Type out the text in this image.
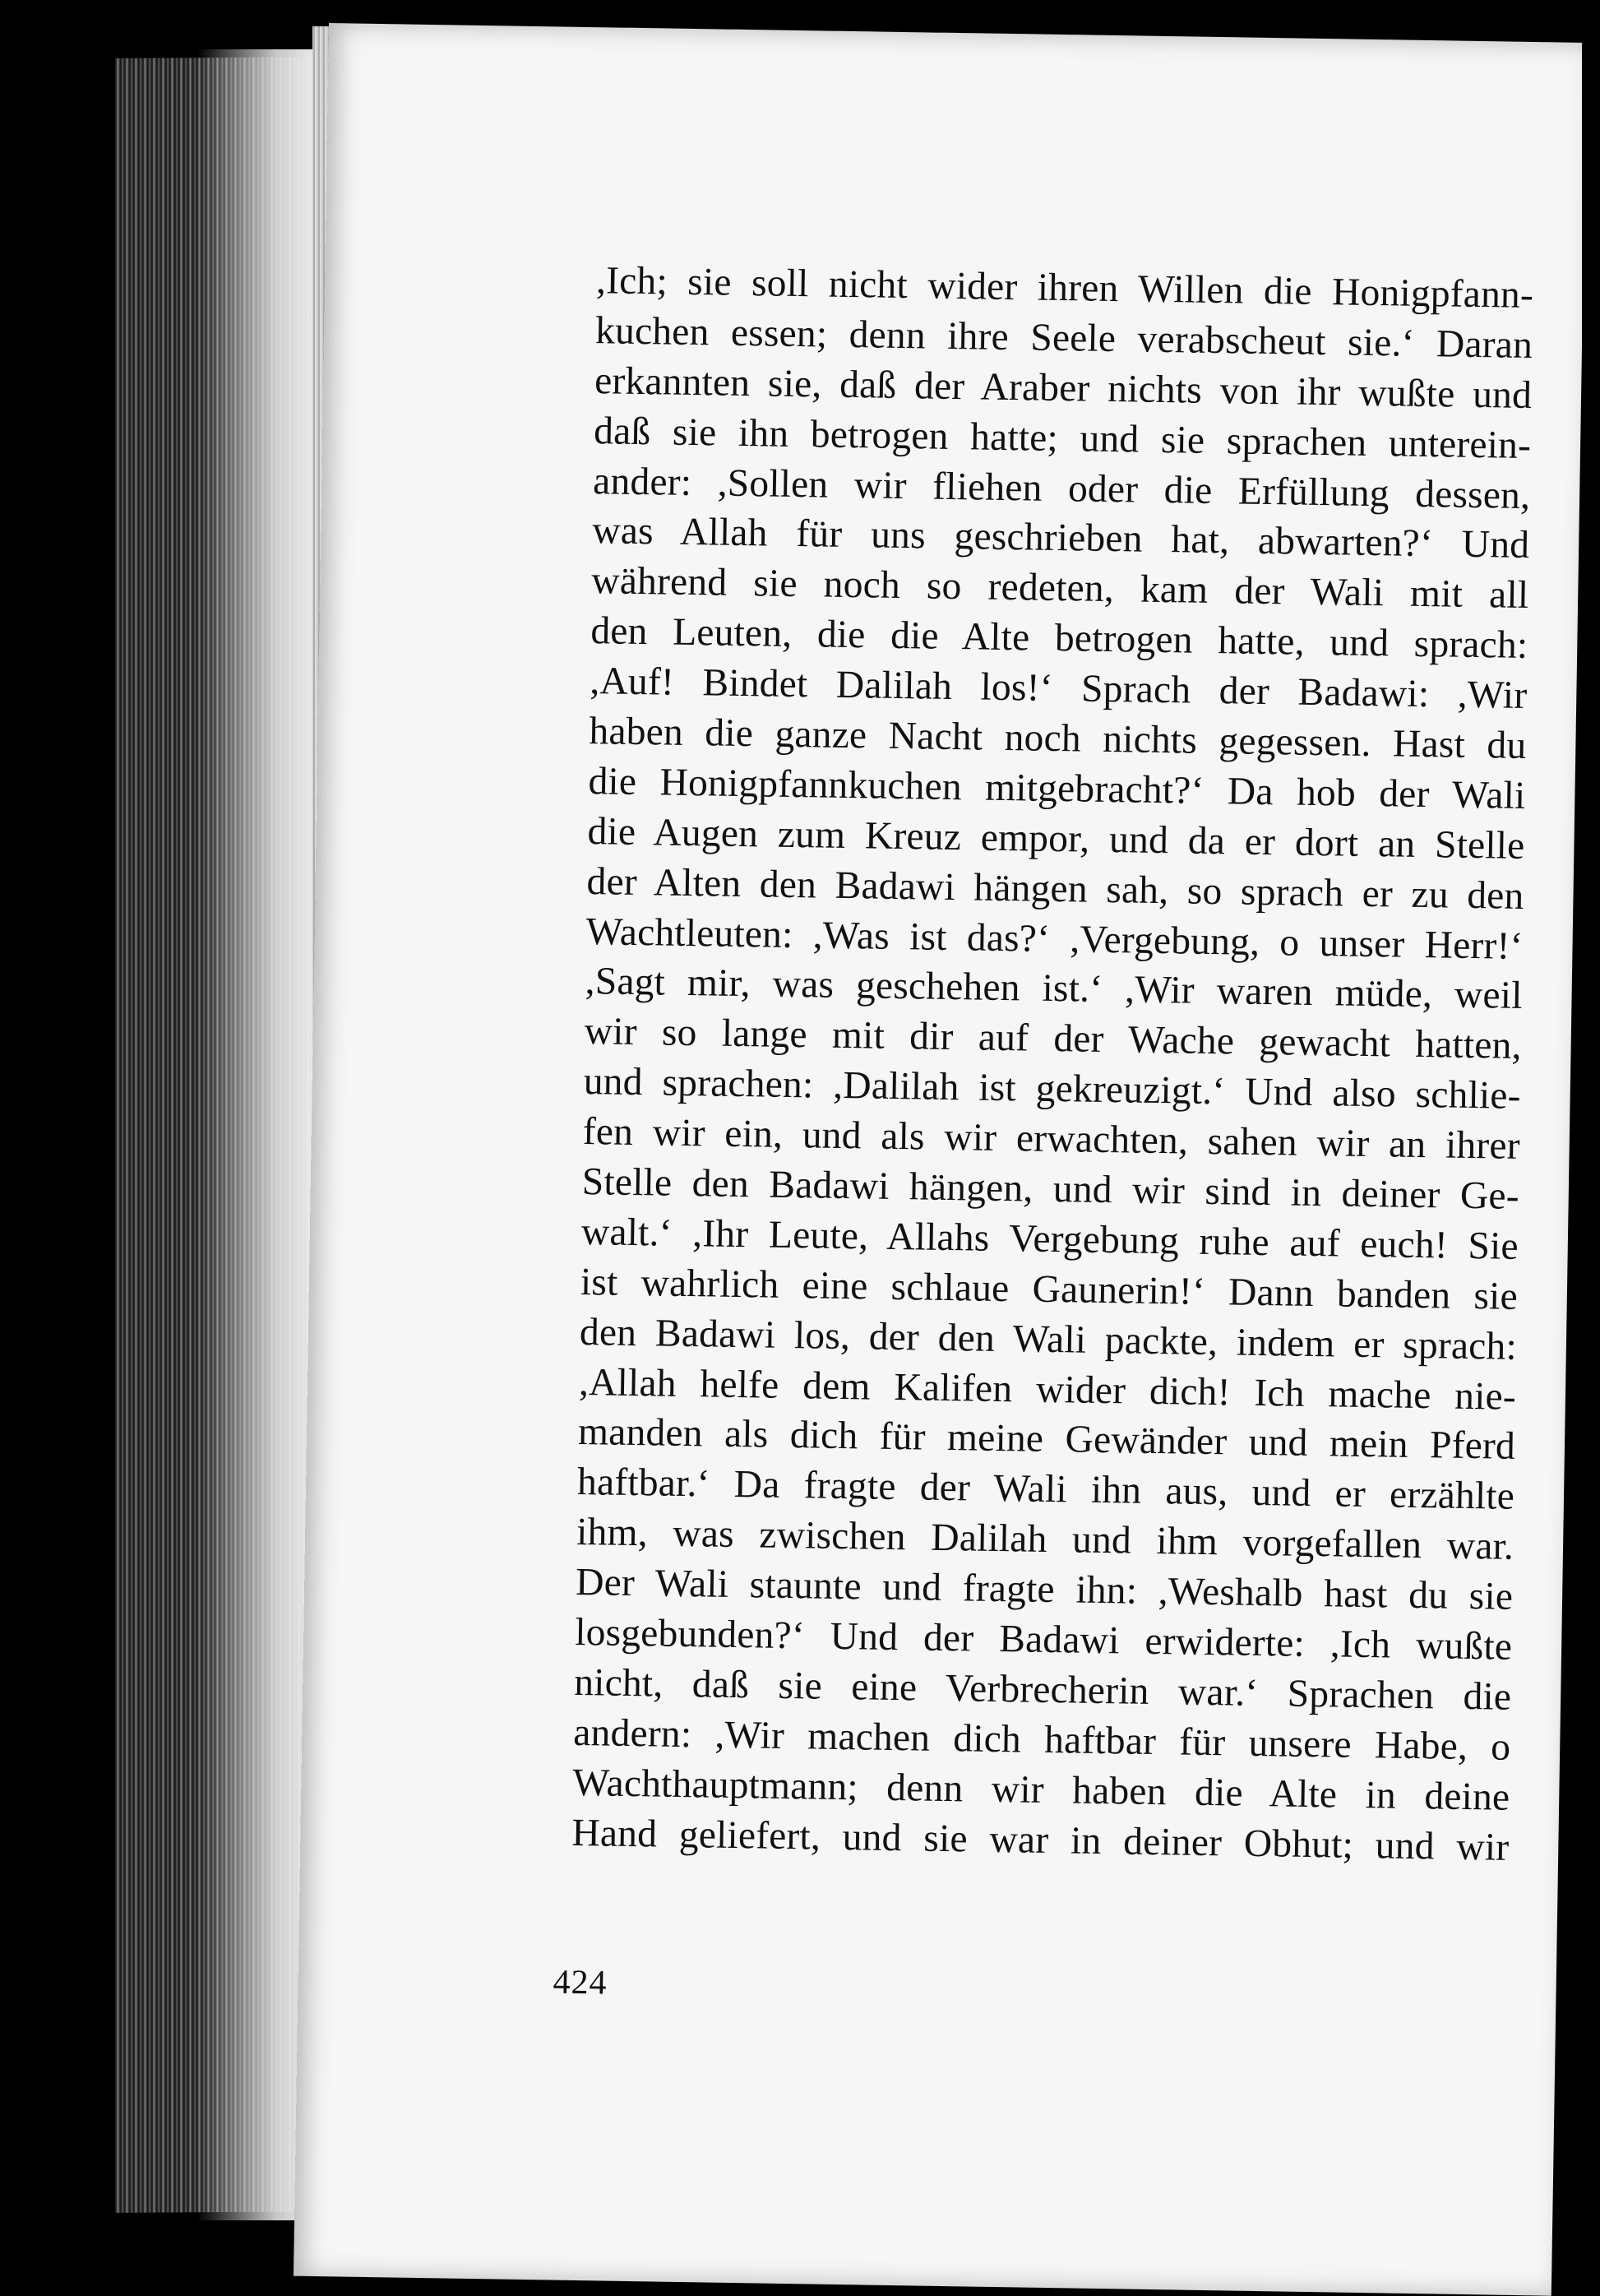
,Ich; sie soll nicht wider ihren Willen die Honigpfann-
kuchen essen; denn ihre Seele verabscheut sie.‘ Daran
erkannten sie, daß der Araber nichts von ihr wußte und
daß sie ihn betrogen hatte; und sie sprachen unterein-
ander: ,Sollen wir fliehen oder die Erfüllung dessen,
was Allah für uns geschrieben hat, abwarten?‘ Und
während sie noch so redeten, kam der Wali mit all
den Leuten, die die Alte betrogen hatte, und sprach:
,Auf! Bindet Dalilah los!‘ Sprach der Badawi: ,Wir
haben die ganze Nacht noch nichts gegessen. Hast du
die Honigpfannkuchen mitgebracht?‘ Da hob der Wali
die Augen zum Kreuz empor, und da er dort an Stelle
der Alten den Badawi hängen sah, so sprach er zu den
Wachtleuten: ,Was ist das?‘ ,Vergebung, o unser Herr!‘
,Sagt mir, was geschehen ist.‘ ,Wir waren müde, weil
wir so lange mit dir auf der Wache gewacht hatten,
und sprachen: ,Dalilah ist gekreuzigt.‘ Und also schlie-
fen wir ein, und als wir erwachten, sahen wir an ihrer
Stelle den Badawi hängen, und wir sind in deiner Ge-
walt.‘ ,Ihr Leute, Allahs Vergebung ruhe auf euch! Sie
ist wahrlich eine schlaue Gaunerin!‘ Dann banden sie
den Badawi los, der den Wali packte, indem er sprach:
,Allah helfe dem Kalifen wider dich! Ich mache nie-
manden als dich für meine Gewänder und mein Pferd
haftbar.‘ Da fragte der Wali ihn aus, und er erzählte
ihm, was zwischen Dalilah und ihm vorgefallen war.
Der Wali staunte und fragte ihn: ,Weshalb hast du sie
losgebunden?‘ Und der Badawi erwiderte: ,Ich wußte
nicht, daß sie eine Verbrecherin war.‘ Sprachen die
andern: ,Wir machen dich haftbar für unsere Habe, o
Wachthauptmann; denn wir haben die Alte in deine
Hand geliefert, und sie war in deiner Obhut; und wir
424
